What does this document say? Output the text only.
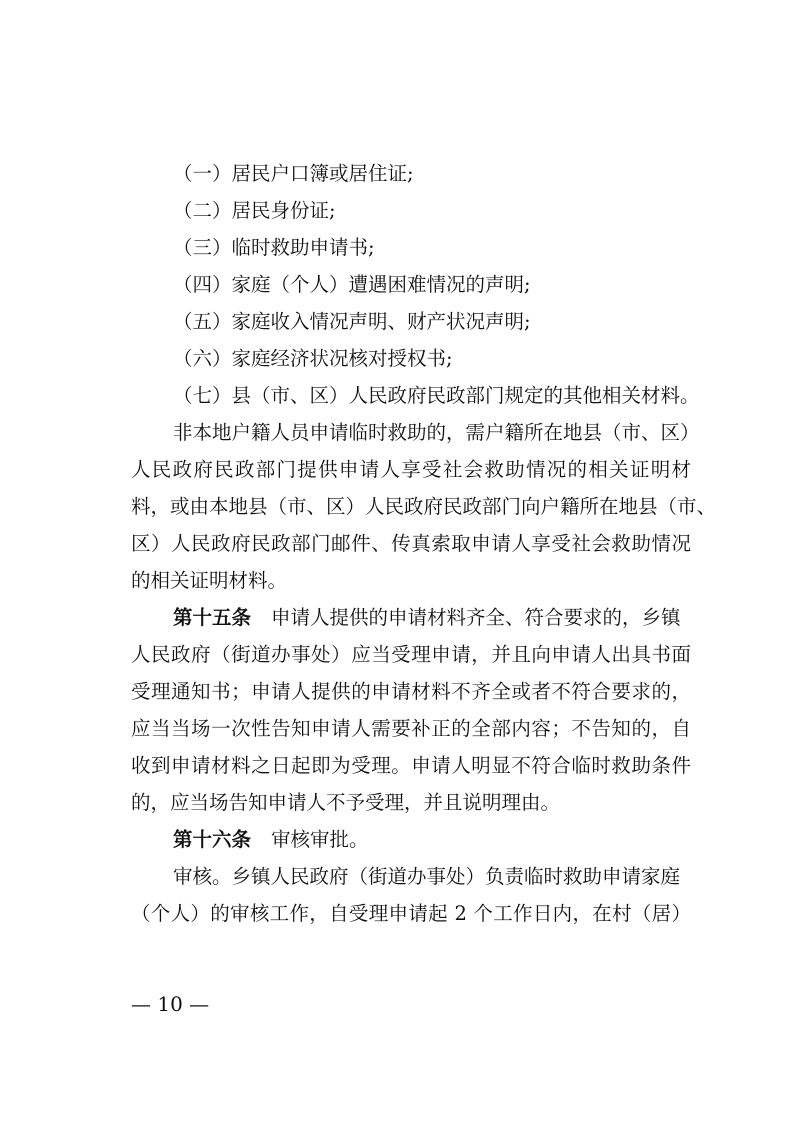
（一）居民户口簿或居住证;
（二）居民身份证;
（三）临时救助申请书;
（四）家庭（个人）遭遇困难情况的声明;
（五）家庭收入情况声明、财产状况声明;
（六）家庭经济状况核对授权书;
（七）县（市、区）人民政府民政部门规定的其他相关材料。
非本地户籍人员申请临时救助的，需户籍所在地县（市、区）
人民政府民政部门提供申请人享受社会救助情况的相关证明材
料，或由本地县（市、区）人民政府民政部门向户籍所在地县（市、
区）人民政府民政部门邮件、传真索取申请人享受社会救助情况
的相关证明材料。
第十五条 申请人提供的申请材料齐全、符合要求的，乡镇
人民政府（街道办事处）应当受理申请，并且向申请人出具书面
受理通知书；申请人提供的申请材料不齐全或者不符合要求的，
应当当场一次性告知申请人需要补正的全部内容；不告知的，自
收到申请材料之日起即为受理。申请人明显不符合临时救助条件
的，应当场告知申请人不予受理，并且说明理由。
第十六条 审核审批。
审核。乡镇人民政府（街道办事处）负责临时救助申请家庭
（个人）的审核工作，自受理申请起 2 个工作日内，在村（居）
— 10 —
